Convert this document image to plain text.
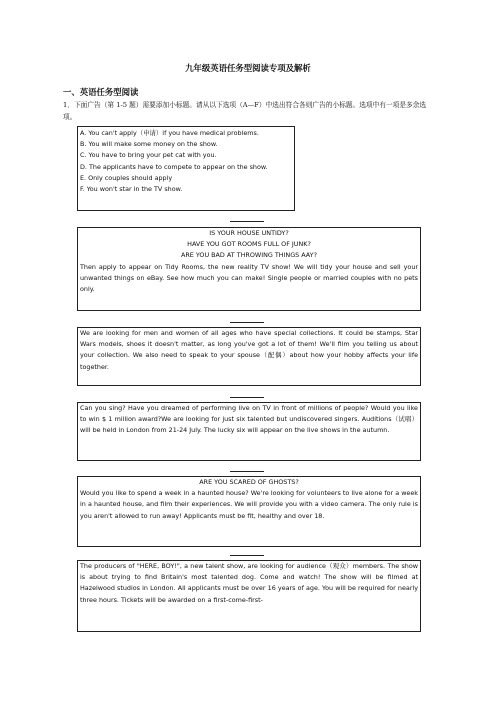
九年级英语任务型阅读专项及解析
一、英语任务型阅读
1．下面广告（第 1-5 题）需要添加小标题。请从以下选项（A—F）中选出符合各则广告的小标题。选项中有一项是多余选项。

A. You can't apply（申请）if you have medical problems.

B. You will make some money on the show.

C. You have to bring your pet cat with you.

D. The applicants have to compete to appear on the show.

E. Only couples should apply

F. You won't star in the TV show.

IS YOUR HOUSE UNTIDY?

HAVE YOU GOT ROOMS FULL OF JUNK?

ARE YOU BAD AT THROWING THINGS AAY?

Then apply to appear on Tidy Rooms, the new reality TV show! We will tidy your house and sell your unwanted things on eBay. See how much you can make! Single people or married couples with no pets only.

We are looking for men and women of all ages who have special collections. It could be stamps, Star Wars models, shoes it doesn't matter, as long you've got a lot of them! We'll film you telling us about your collection. We also need to speak to your spouse（配偶）about how your hobby affects your life together.

Can you sing? Have you dreamed of performing live on TV in front of millions of people? Would you like to win $ 1 million award?We are looking for just six talented but undiscovered singers. Auditions（试唱）will be held in London from 21-24 July. The lucky six will appear on the live shows in the autumn.

ARE YOU SCARED OF GHOSTS?

Would you like to spend a week in a haunted house? We're looking for volunteers to live alone for a week in a haunted house, and film their experiences. We will provide you with a video camera. The only rule is you aren't allowed to run away! Applicants must be fit, healthy and over 18.

The producers of "HERE, BOY!", a new talent show, are looking for audience（观众）members. The show is about trying to find Britain's most talented dog. Come and watch! The show will be filmed at Hazelwood studios in London. All applicants must be over 16 years of age. You will be required for nearly three hours. Tickets will be awarded on a first-come-first-
